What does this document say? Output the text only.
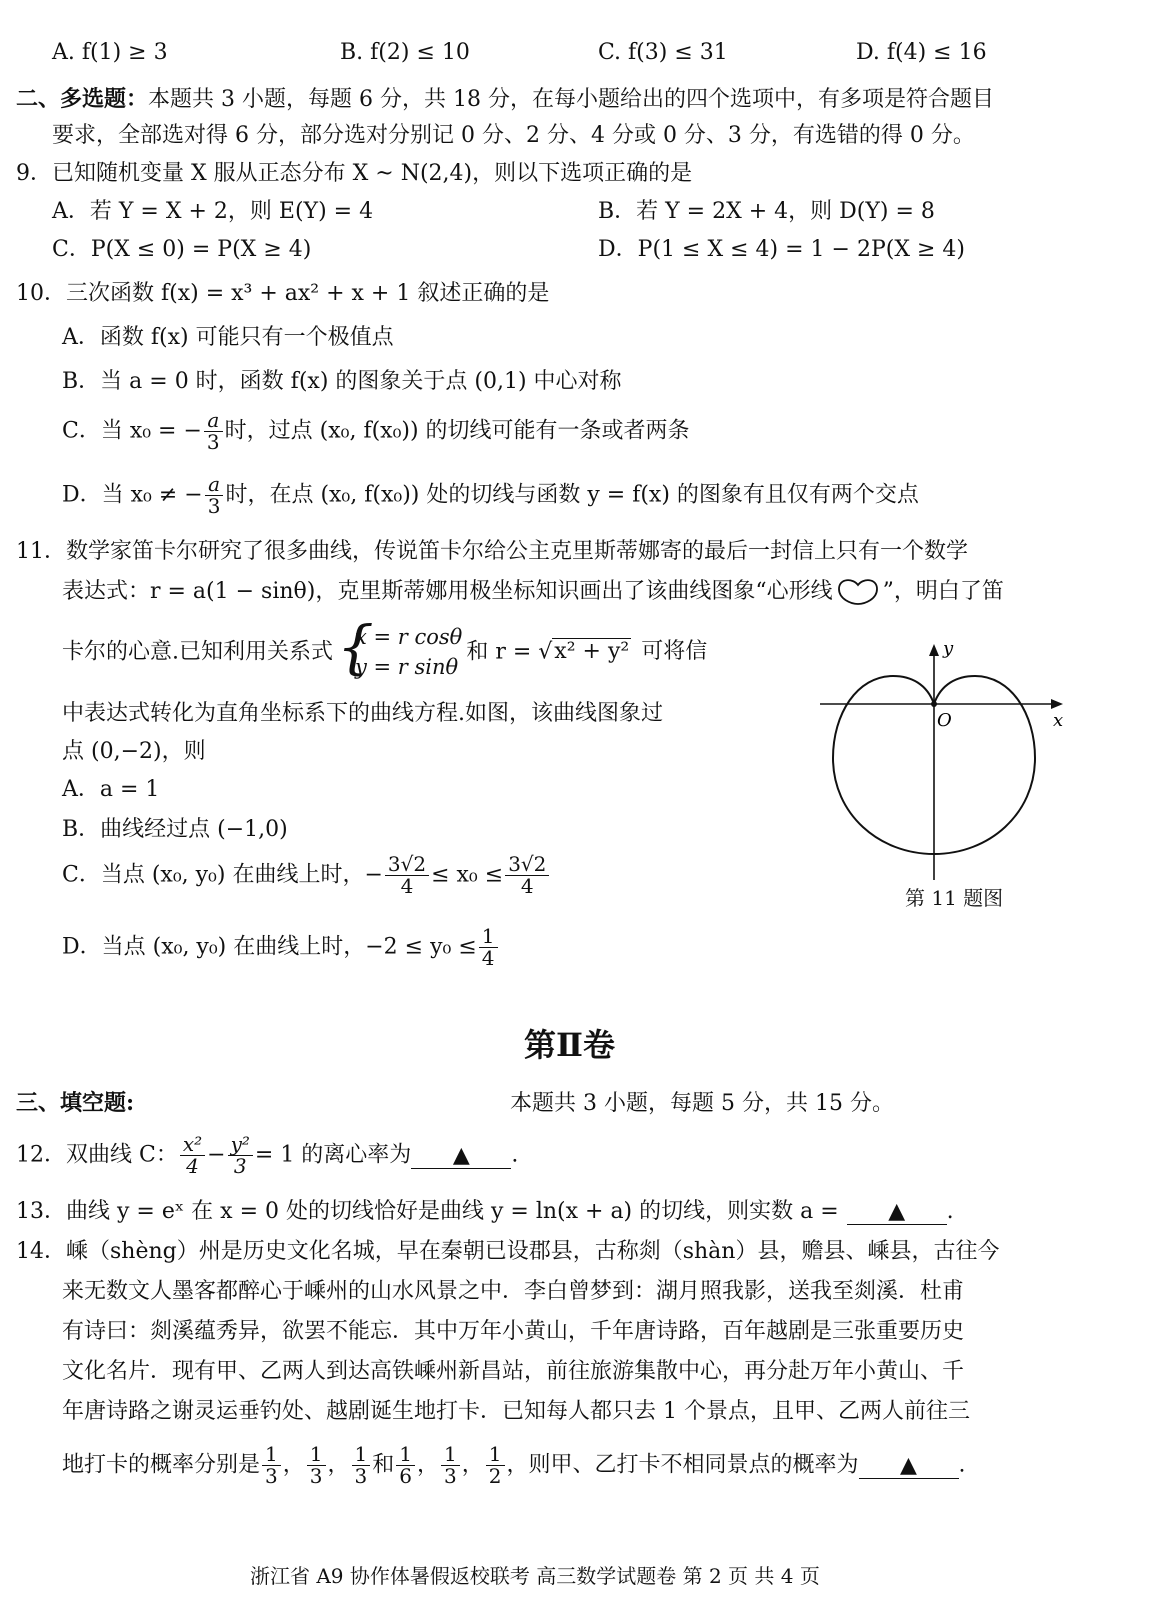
A. f(1) ≥ 3	B. f(2) ≤ 10	C. f(3) ≤ 31	D. f(4) ≤ 16
二、多选题：本题共 3 小题，每题 6 分，共 18 分，在每小题给出的四个选项中，有多项是符合题目
要求，全部选对得 6 分，部分选对分别记 0 分、2 分、4 分或 0 分、3 分，有选错的得 0 分。
9．已知随机变量 X 服从正态分布 X ~ N(2,4)，则以下选项正确的是
A．若 Y = X + 2，则 E(Y) = 4	B．若 Y = 2X + 4，则 D(Y) = 8
C．P(X ≤ 0) = P(X ≥ 4)	D．P(1 ≤ X ≤ 4) = 1 − 2P(X ≥ 4)
10．三次函数 f(x) = x³ + ax² + x + 1 叙述正确的是
A．函数 f(x) 可能只有一个极值点
B．当 a = 0 时，函数 f(x) 的图象关于点 (0,1) 中心对称
C．当 x₀ = − $\frac{a}{3}$ 时，过点 (x₀, f(x₀)) 的切线可能有一条或者两条
D．当 x₀ ≠ − $\frac{a}{3}$ 时，在点 (x₀, f(x₀)) 处的切线与函数 y = f(x) 的图象有且仅有两个交点
11．数学家笛卡尔研究了很多曲线，传说笛卡尔给公主克里斯蒂娜寄的最后一封信上只有一个数学
表达式：r = a(1 − sinθ)，克里斯蒂娜用极坐标知识画出了该曲线图象“心形线 ”，明白了笛
卡尔的心意.已知利用关系式 {
x = r cosθ
y = r sinθ
和 r = √x² + y² 可将信
中表达式转化为直角坐标系下的曲线方程.如图，该曲线图象过
点 (0,−2)，则
A．a = 1
B．曲线经过点 (−1,0)
C．当点 (x₀, y₀) 在曲线上时，− $\frac{3√2}{4} \le x_0 \le \frac{3√2}{4}$
D．当点 (x₀, y₀) 在曲线上时，$-2 \le y_0 \le \frac{1}{4}$
y
x
O
第 11 题图
第Ⅱ卷
三、填空题:	本题共 3 小题，每题 5 分，共 15 分。
12．双曲线 C： $\frac{\text{x²}}{4} - \frac{\text{y²}}{3} = 1$ 的离心率为 ▲ .
13．曲线 y = eˣ 在 x = 0 处的切线恰好是曲线 y = ln(x + a) 的切线，则实数 a = ▲ .
14．嵊（shèng）州是历史文化名城，早在秦朝已设郡县，古称剡（shàn）县，赡县、嵊县，古往今
来无数文人墨客都醉心于嵊州的山水风景之中．李白曾梦到：湖月照我影，送我至剡溪．杜甫
有诗曰：剡溪蕴秀异，欲罢不能忘．其中万年小黄山，千年唐诗路，百年越剧是三张重要历史
文化名片．现有甲、乙两人到达高铁嵊州新昌站，前往旅游集散中心，再分赴万年小黄山、千
年唐诗路之谢灵运垂钓处、越剧诞生地打卡．已知每人都只去 1 个景点，且甲、乙两人前往三
地打卡的概率分别是 $\frac{1}{3}$ ， $\frac{1}{3}$ ， $\frac{1}{3}$ 和 $\frac{1}{6}$ ， $\frac{1}{3}$ ， $\frac{1}{2}$ ，则甲、乙打卡不相同景点的概率为 ▲ .
浙江省 A9 协作体暑假返校联考 高三数学试题卷 第 2 页 共 4 页
